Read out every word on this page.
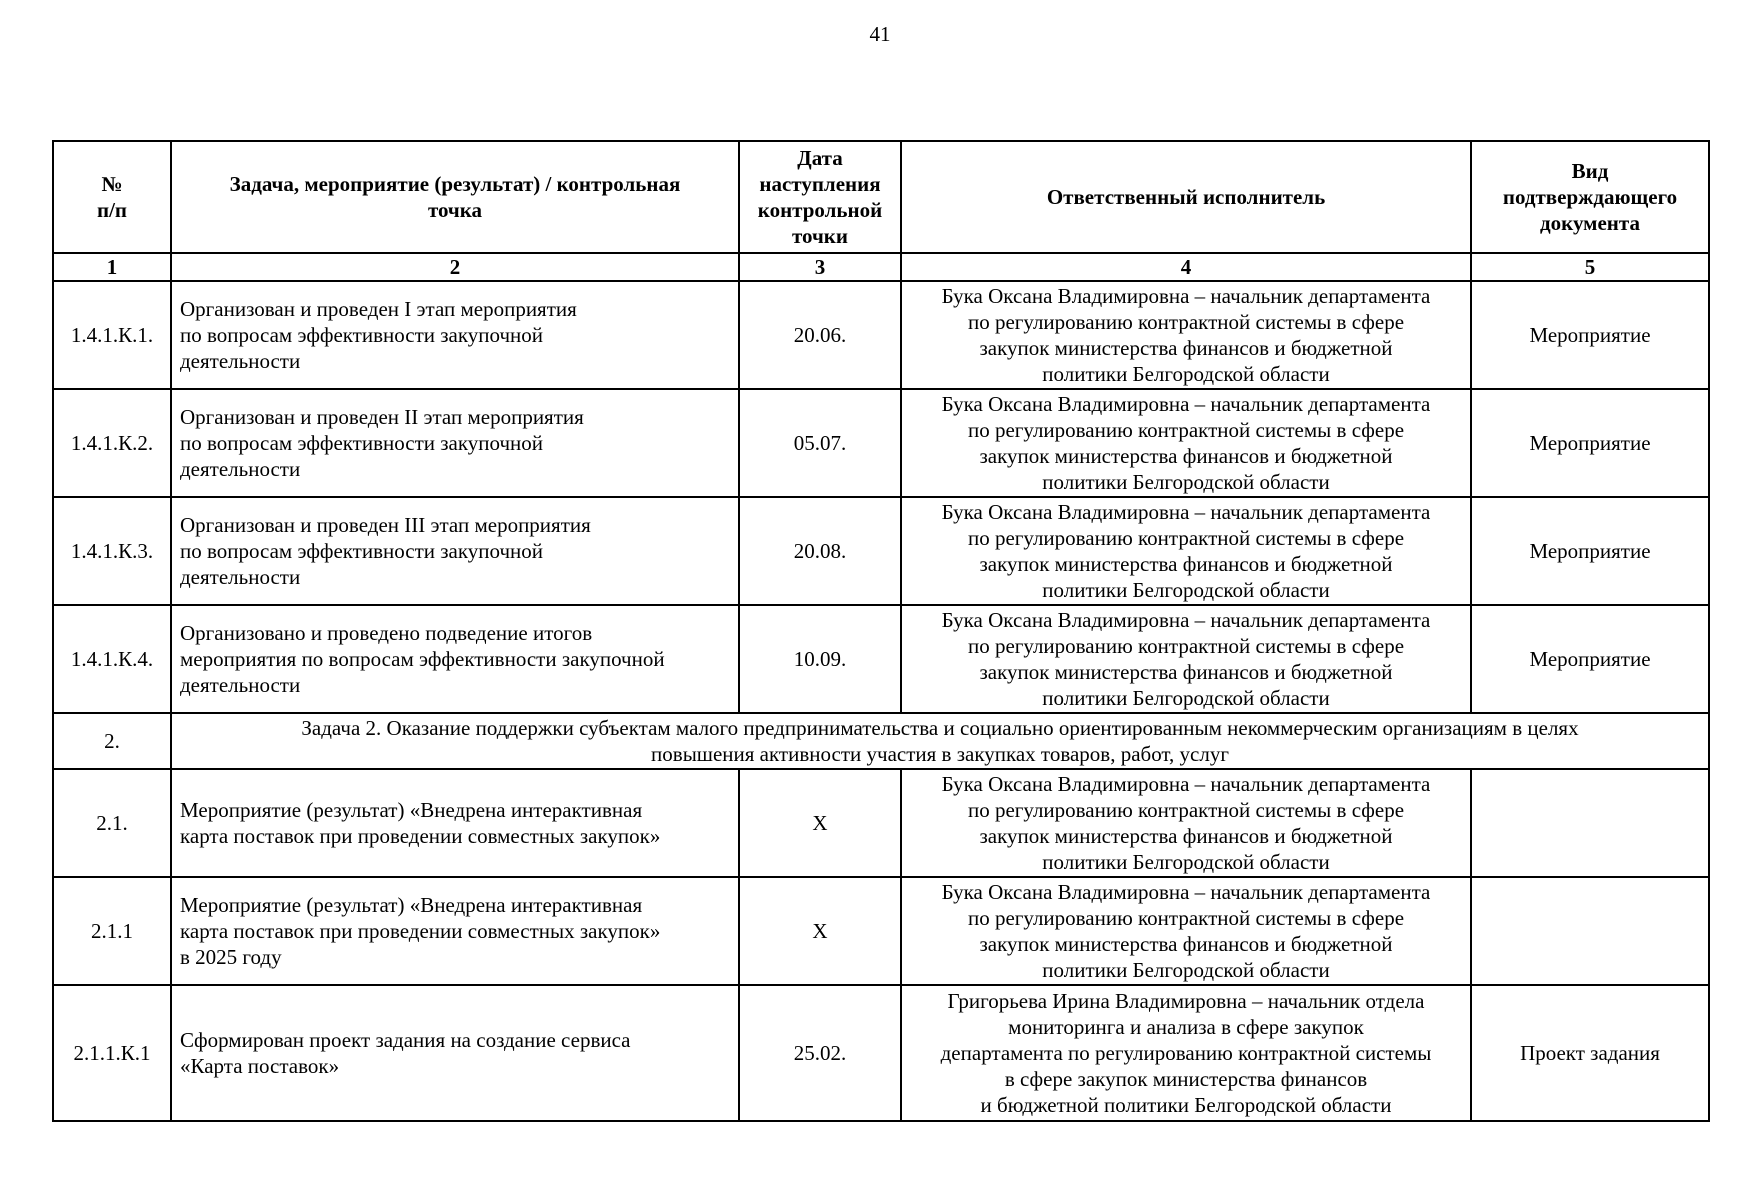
41
№
п/п	Задача, мероприятие (результат) / контрольная
точка	Дата
наступления
контрольной
точки	Ответственный исполнитель	Вид
подтверждающего
документа
1	2	3	4	5
1.4.1.К.1.	Организован и проведен I этап мероприятия
по вопросам эффективности закупочной
деятельности	20.06.	Бука Оксана Владимировна – начальник департамента
по регулированию контрактной системы в сфере
закупок министерства финансов и бюджетной
политики Белгородской области	Мероприятие
1.4.1.К.2.	Организован и проведен II этап мероприятия
по вопросам эффективности закупочной
деятельности	05.07.	Бука Оксана Владимировна – начальник департамента
по регулированию контрактной системы в сфере
закупок министерства финансов и бюджетной
политики Белгородской области	Мероприятие
1.4.1.К.3.	Организован и проведен III этап мероприятия
по вопросам эффективности закупочной
деятельности	20.08.	Бука Оксана Владимировна – начальник департамента
по регулированию контрактной системы в сфере
закупок министерства финансов и бюджетной
политики Белгородской области	Мероприятие
1.4.1.К.4.	Организовано и проведено подведение итогов
мероприятия по вопросам эффективности закупочной
деятельности	10.09.	Бука Оксана Владимировна – начальник департамента
по регулированию контрактной системы в сфере
закупок министерства финансов и бюджетной
политики Белгородской области	Мероприятие
2.	Задача 2. Оказание поддержки субъектам малого предпринимательства и социально ориентированным некоммерческим организациям в целях
повышения активности участия в закупках товаров, работ, услуг			
2.1.	Мероприятие (результат) «Внедрена интерактивная
карта поставок при проведении совместных закупок»	X	Бука Оксана Владимировна – начальник департамента
по регулированию контрактной системы в сфере
закупок министерства финансов и бюджетной
политики Белгородской области	
2.1.1	Мероприятие (результат) «Внедрена интерактивная
карта поставок при проведении совместных закупок»
в 2025 году	X	Бука Оксана Владимировна – начальник департамента
по регулированию контрактной системы в сфере
закупок министерства финансов и бюджетной
политики Белгородской области	
2.1.1.К.1	Сформирован проект задания на создание сервиса
«Карта поставок»	25.02.	Григорьева Ирина Владимировна – начальник отдела
мониторинга и анализа в сфере закупок
департамента по регулированию контрактной системы
в сфере закупок министерства финансов
и бюджетной политики Белгородской области	Проект задания
